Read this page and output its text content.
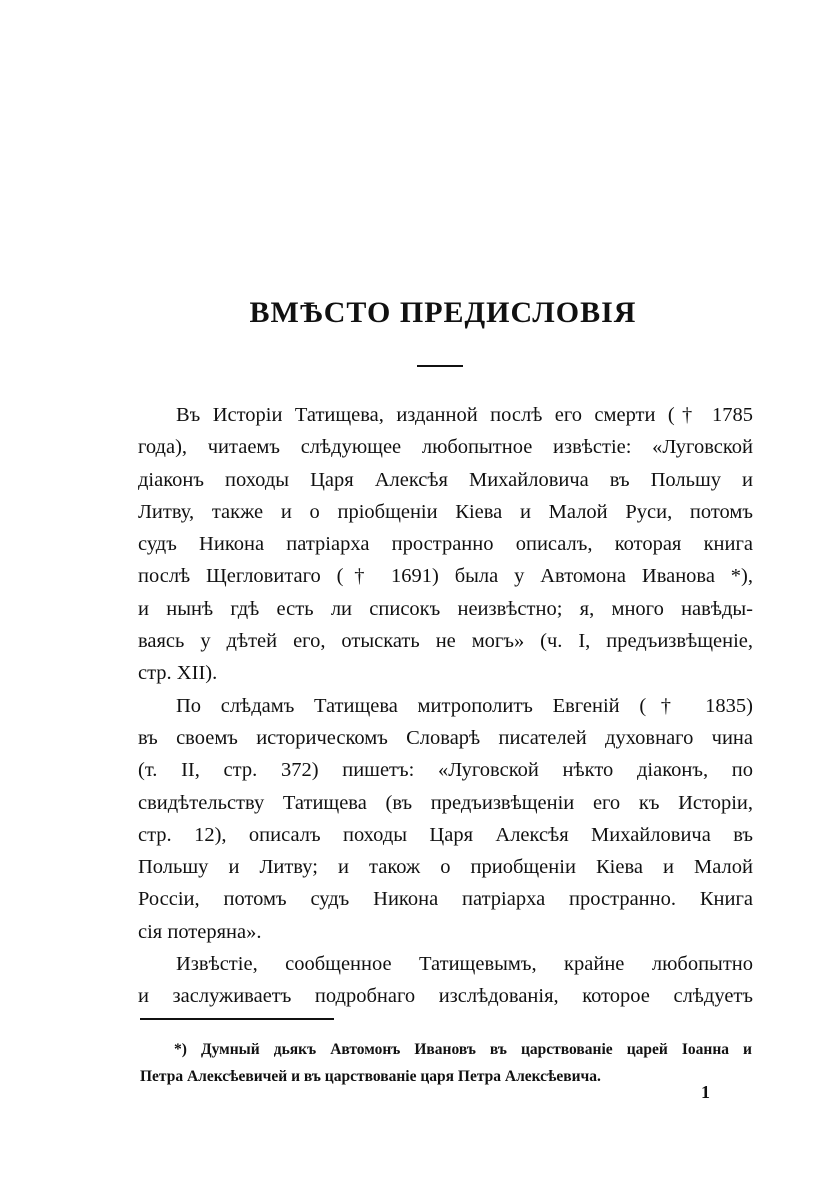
ВМѢСТО ПРЕДИСЛОВІЯ
Въ Исторіи Татищева, изданной послѣ его смерти († 1785
года), читаемъ слѣдующее любопытное извѣстіе: «Луговской
діаконъ походы Царя Алексѣя Михайловича въ Польшу и
Литву, также и о пріобщеніи Кіева и Малой Руси, потомъ
судъ Никона патріарха пространно описалъ, которая книга
послѣ Щегловитаго († 1691) была у Автомона Иванова *),
и нынѣ гдѣ есть ли списокъ неизвѣстно; я, много навѣды-
ваясь у дѣтей его, отыскать не могъ» (ч. I, предъизвѣщеніе,
стр. XII).
По слѣдамъ Татищева митрополитъ Евгеній († 1835)
въ своемъ историческомъ Словарѣ писателей духовнаго чина
(т. II, стр. 372) пишетъ: «Луговской нѣкто діаконъ, по
свидѣтельству Татищева (въ предъизвѣщеніи его къ Исторіи,
стр. 12), описалъ походы Царя Алексѣя Михайловича въ
Польшу и Литву; и також о приобщеніи Кіева и Малой
Россіи, потомъ судъ Никона патріарха пространно. Книга
сія потеряна».
Извѣстіе, сообщенное Татищевымъ, крайне любопытно
и заслуживаетъ подробнаго изслѣдованія, которое слѣдуетъ
*) Думный дьякъ Автомонъ Ивановъ въ царствованіе царей Іоанна и
Петра Алексѣевичей и въ царствованіе царя Петра Алексѣевича.
1
